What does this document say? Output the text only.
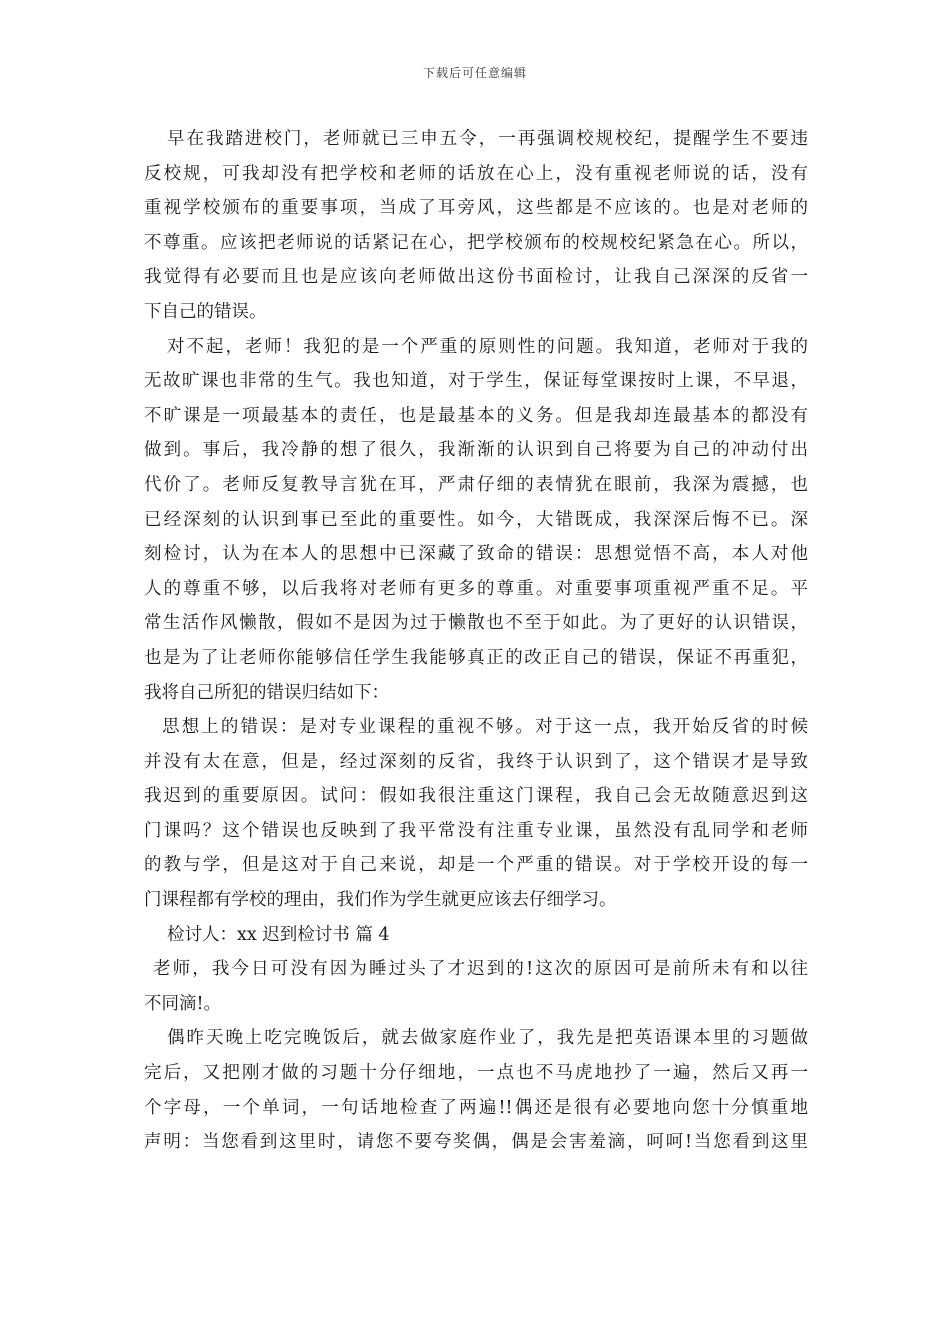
下载后可任意编辑
早在我踏进校门，老师就已三申五令，一再强调校规校纪，提醒学生不要违
反校规，可我却没有把学校和老师的话放在心上，没有重视老师说的话，没有
重视学校颁布的重要事项，当成了耳旁风，这些都是不应该的。也是对老师的
不尊重。应该把老师说的话紧记在心，把学校颁布的校规校纪紧急在心。所以，
我觉得有必要而且也是应该向老师做出这份书面检讨，让我自己深深的反省一
下自己的错误。
对不起，老师！我犯的是一个严重的原则性的问题。我知道，老师对于我的
无故旷课也非常的生气。我也知道，对于学生，保证每堂课按时上课，不早退，
不旷课是一项最基本的责任，也是最基本的义务。但是我却连最基本的都没有
做到。事后，我冷静的想了很久，我渐渐的认识到自己将要为自己的冲动付出
代价了。老师反复教导言犹在耳，严肃仔细的表情犹在眼前，我深为震撼，也
已经深刻的认识到事已至此的重要性。如今，大错既成，我深深后悔不已。深
刻检讨，认为在本人的思想中已深藏了致命的错误：思想觉悟不高，本人对他
人的尊重不够，以后我将对老师有更多的尊重。对重要事项重视严重不足。平
常生活作风懒散，假如不是因为过于懒散也不至于如此。为了更好的认识错误，
也是为了让老师你能够信任学生我能够真正的改正自己的错误，保证不再重犯，
我将自己所犯的错误归结如下：
思想上的错误：是对专业课程的重视不够。对于这一点，我开始反省的时候
并没有太在意，但是，经过深刻的反省，我终于认识到了，这个错误才是导致
我迟到的重要原因。试问：假如我很注重这门课程，我自己会无故随意迟到这
门课吗？这个错误也反映到了我平常没有注重专业课，虽然没有乱同学和老师
的教与学，但是这对于自己来说，却是一个严重的错误。对于学校开设的每一
门课程都有学校的理由，我们作为学生就更应该去仔细学习。
检讨人：xx 迟到检讨书 篇 4
老师，我今日可没有因为睡过头了才迟到的!这次的原因可是前所未有和以往
不同滴!。
偶昨天晚上吃完晚饭后，就去做家庭作业了，我先是把英语课本里的习题做
完后，又把刚才做的习题十分仔细地，一点也不马虎地抄了一遍，然后又再一
个字母，一个单词，一句话地检查了两遍!!偶还是很有必要地向您十分慎重地
声明：当您看到这里时，请您不要夸奖偶，偶是会害羞滴，呵呵!当您看到这里
